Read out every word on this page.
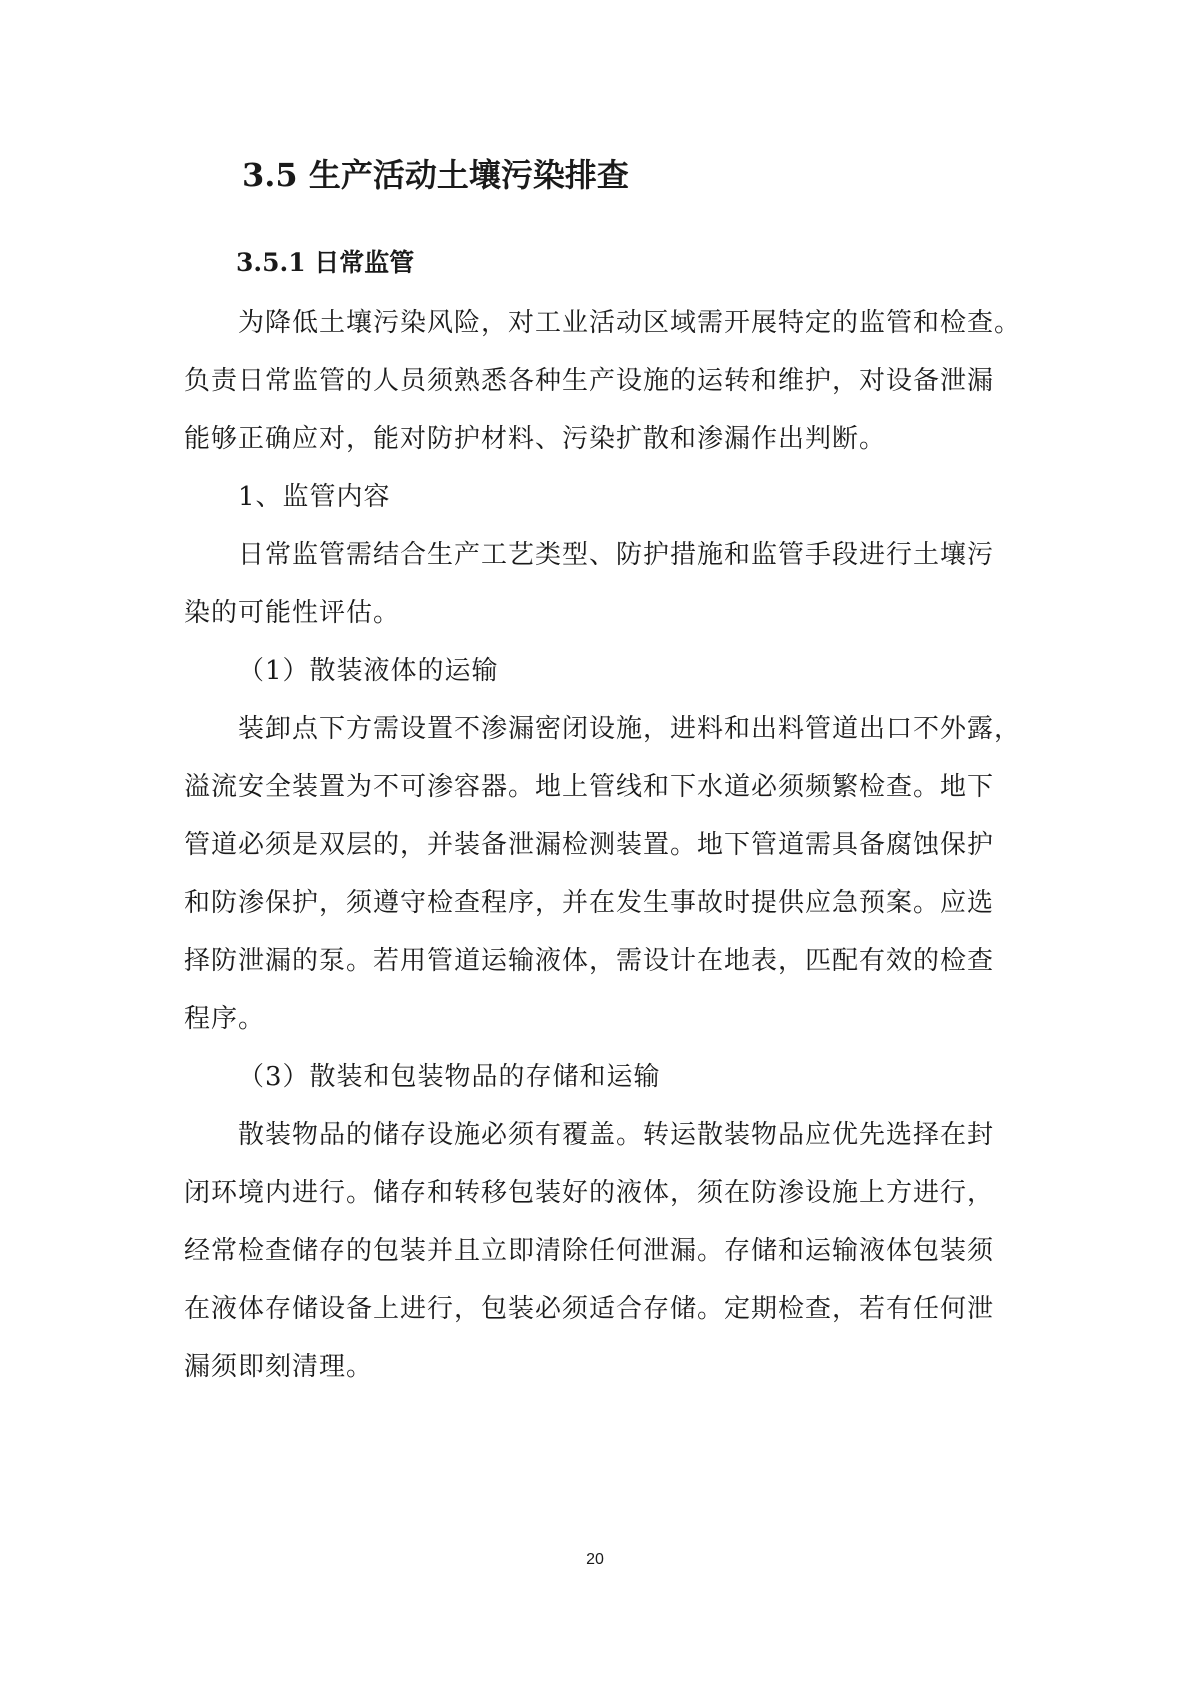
3.5 生产活动土壤污染排查
3.5.1 日常监管

为降低土壤污染风险，对工业活动区域需开展特定的监管和检查。

负责日常监管的人员须熟悉各种生产设施的运转和维护，对设备泄漏

能够正确应对，能对防护材料、污染扩散和渗漏作出判断。

1、监管内容

日常监管需结合生产工艺类型、防护措施和监管手段进行土壤污

染的可能性评估。

（1）散装液体的运输

装卸点下方需设置不渗漏密闭设施，进料和出料管道出口不外露，

溢流安全装置为不可渗容器。地上管线和下水道必须频繁检查。地下

管道必须是双层的，并装备泄漏检测装置。地下管道需具备腐蚀保护

和防渗保护，须遵守检查程序，并在发生事故时提供应急预案。应选

择防泄漏的泵。若用管道运输液体，需设计在地表，匹配有效的检查

程序。

（3）散装和包装物品的存储和运输

散装物品的储存设施必须有覆盖。转运散装物品应优先选择在封

闭环境内进行。储存和转移包装好的液体，须在防渗设施上方进行，

经常检查储存的包装并且立即清除任何泄漏。存储和运输液体包装须

在液体存储设备上进行，包装必须适合存储。定期检查，若有任何泄

漏须即刻清理。

20
